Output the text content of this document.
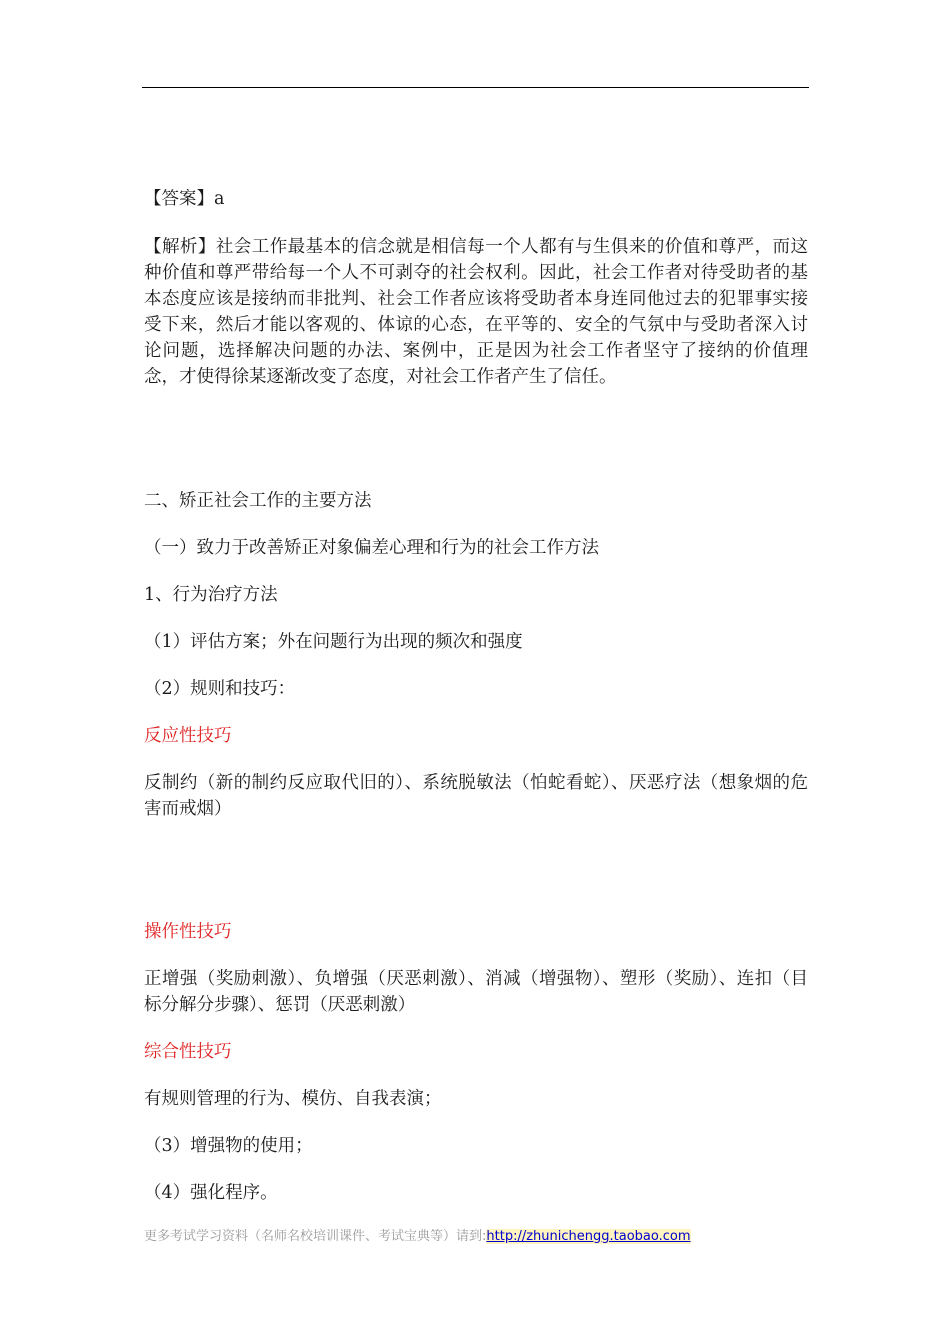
【答案】a

【解析】社会工作最基本的信念就是相信每一个人都有与生俱来的价值和尊严，而这种价值和尊严带给每一个人不可剥夺的社会权利。因此，社会工作者对待受助者的基本态度应该是接纳而非批判、社会工作者应该将受助者本身连同他过去的犯罪事实接受下来，然后才能以客观的、体谅的心态，在平等的、安全的气氛中与受助者深入讨论问题，选择解决问题的办法、案例中，正是因为社会工作者坚守了接纳的价值理念，才使得徐某逐渐改变了态度，对社会工作者产生了信任。

二、矫正社会工作的主要方法

（一）致力于改善矫正对象偏差心理和行为的社会工作方法

1、行为治疗方法

（1）评估方案；外在问题行为出现的频次和强度

（2）规则和技巧：

反应性技巧

反制约（新的制约反应取代旧的）、系统脱敏法（怕蛇看蛇）、厌恶疗法（想象烟的危害而戒烟）

操作性技巧

正增强（奖励刺激）、负增强（厌恶刺激）、消减（增强物）、塑形（奖励）、连扣（目标分解分步骤）、惩罚（厌恶刺激）

综合性技巧

有规则管理的行为、模仿、自我表演；

（3）增强物的使用；

（4）强化程序。

更多考试学习资料（名师名校培训课件、考试宝典等）请到:http://zhunichengg.taobao.com
